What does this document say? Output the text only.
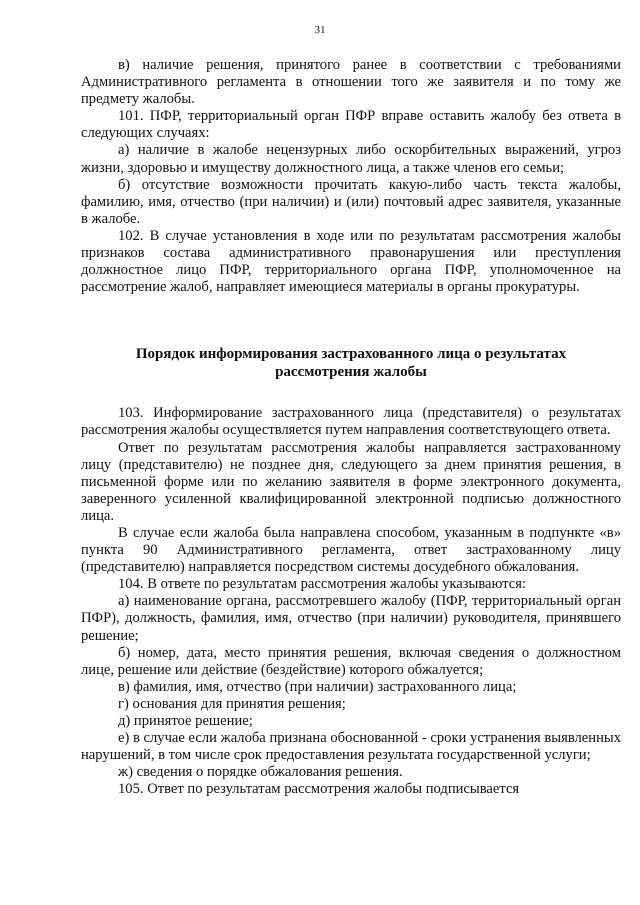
31

в) наличие решения, принятого ранее в соответствии с требованиями Административного регламента в отношении того же заявителя и по тому же предмету жалобы.

101. ПФР, территориальный орган ПФР вправе оставить жалобу без ответа в следующих случаях:

а) наличие в жалобе нецензурных либо оскорбительных выражений, угроз жизни, здоровью и имуществу должностного лица, а также членов его семьи;

б) отсутствие возможности прочитать какую-либо часть текста жалобы, фамилию, имя, отчество (при наличии) и (или) почтовый адрес заявителя, указанные в жалобе.

102. В случае установления в ходе или по результатам рассмотрения жалобы признаков состава административного правонарушения или преступления должностное лицо ПФР, территориального органа ПФР, уполномоченное на рассмотрение жалоб, направляет имеющиеся материалы в органы прокуратуры.

Порядок информирования застрахованного лица о результатах
рассмотрения жалобы

103. Информирование застрахованного лица (представителя) о результатах рассмотрения жалобы осуществляется путем направления соответствующего ответа.

Ответ по результатам рассмотрения жалобы направляется застрахованному лицу (представителю) не позднее дня, следующего за днем принятия решения, в письменной форме или по желанию заявителя в форме электронного документа, заверенного усиленной квалифицированной электронной подписью должностного лица.

В случае если жалоба была направлена способом, указанным в подпункте «в» пункта 90 Административного регламента, ответ застрахованному лицу (представителю) направляется посредством системы досудебного обжалования.

104. В ответе по результатам рассмотрения жалобы указываются:

а) наименование органа, рассмотревшего жалобу (ПФР, территориальный орган ПФР), должность, фамилия, имя, отчество (при наличии) руководителя, принявшего решение;

б) номер, дата, место принятия решения, включая сведения о должностном лице, решение или действие (бездействие) которого обжалуется;

в) фамилия, имя, отчество (при наличии) застрахованного лица;

г) основания для принятия решения;

д) принятое решение;

е) в случае если жалоба признана обоснованной - сроки устранения выявленных нарушений, в том числе срок предоставления результата государственной услуги;

ж) сведения о порядке обжалования решения.

105. Ответ по результатам рассмотрения жалобы подписывается
